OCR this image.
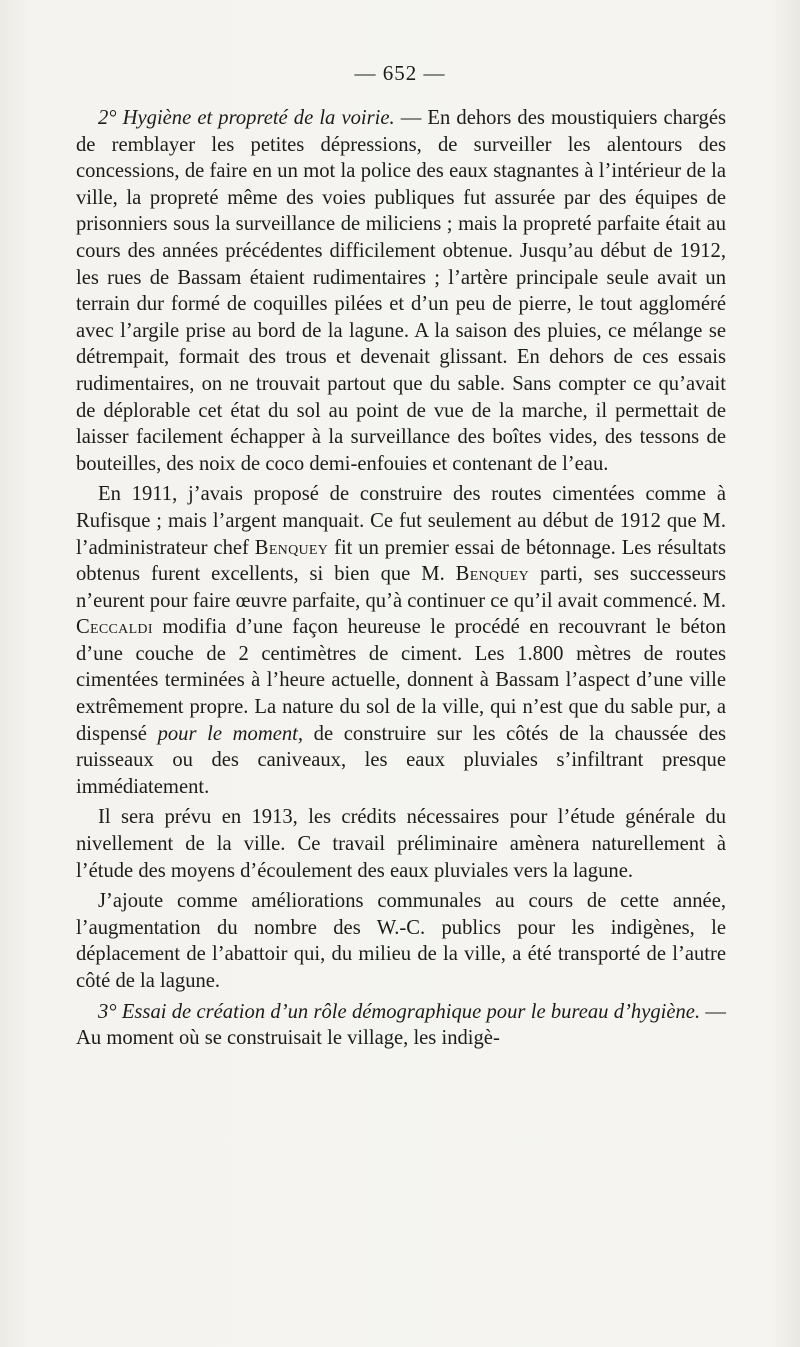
— 652 —

2° Hygiène et propreté de la voirie. — En dehors des moustiquiers chargés de remblayer les petites dépressions, de surveiller les alentours des concessions, de faire en un mot la police des eaux stagnantes à l’intérieur de la ville, la propreté même des voies publiques fut assurée par des équipes de prisonniers sous la surveillance de miliciens ; mais la propreté parfaite était au cours des années précédentes difficilement obtenue. Jusqu’au début de 1912, les rues de Bassam étaient rudimentaires ; l’artère principale seule avait un terrain dur formé de coquilles pilées et d’un peu de pierre, le tout aggloméré avec l’argile prise au bord de la lagune. A la saison des pluies, ce mélange se détrempait, formait des trous et devenait glissant. En dehors de ces essais rudimentaires, on ne trouvait partout que du sable. Sans compter ce qu’avait de déplorable cet état du sol au point de vue de la marche, il permettait de laisser facilement échapper à la surveillance des boîtes vides, des tessons de bouteilles, des noix de coco demi-enfouies et contenant de l’eau.

En 1911, j’avais proposé de construire des routes cimentées comme à Rufisque ; mais l’argent manquait. Ce fut seulement au début de 1912 que M. l’administrateur chef Benquey fit un premier essai de bétonnage. Les résultats obtenus furent excellents, si bien que M. Benquey parti, ses successeurs n’eurent pour faire œuvre parfaite, qu’à continuer ce qu’il avait commencé. M. Ceccaldi modifia d’une façon heureuse le procédé en recouvrant le béton d’une couche de 2 centimètres de ciment. Les 1.800 mètres de routes cimentées terminées à l’heure actuelle, donnent à Bassam l’aspect d’une ville extrêmement propre. La nature du sol de la ville, qui n’est que du sable pur, a dispensé pour le moment, de construire sur les côtés de la chaussée des ruisseaux ou des caniveaux, les eaux pluviales s’infiltrant presque immédiatement.

Il sera prévu en 1913, les crédits nécessaires pour l’étude générale du nivellement de la ville. Ce travail préliminaire amènera naturellement à l’étude des moyens d’écoulement des eaux pluviales vers la lagune.

J’ajoute comme améliorations communales au cours de cette année, l’augmentation du nombre des W.-C. publics pour les indigènes, le déplacement de l’abattoir qui, du milieu de la ville, a été transporté de l’autre côté de la lagune.

3° Essai de création d’un rôle démographique pour le bureau d’hygiène. — Au moment où se construisait le village, les indigè-
